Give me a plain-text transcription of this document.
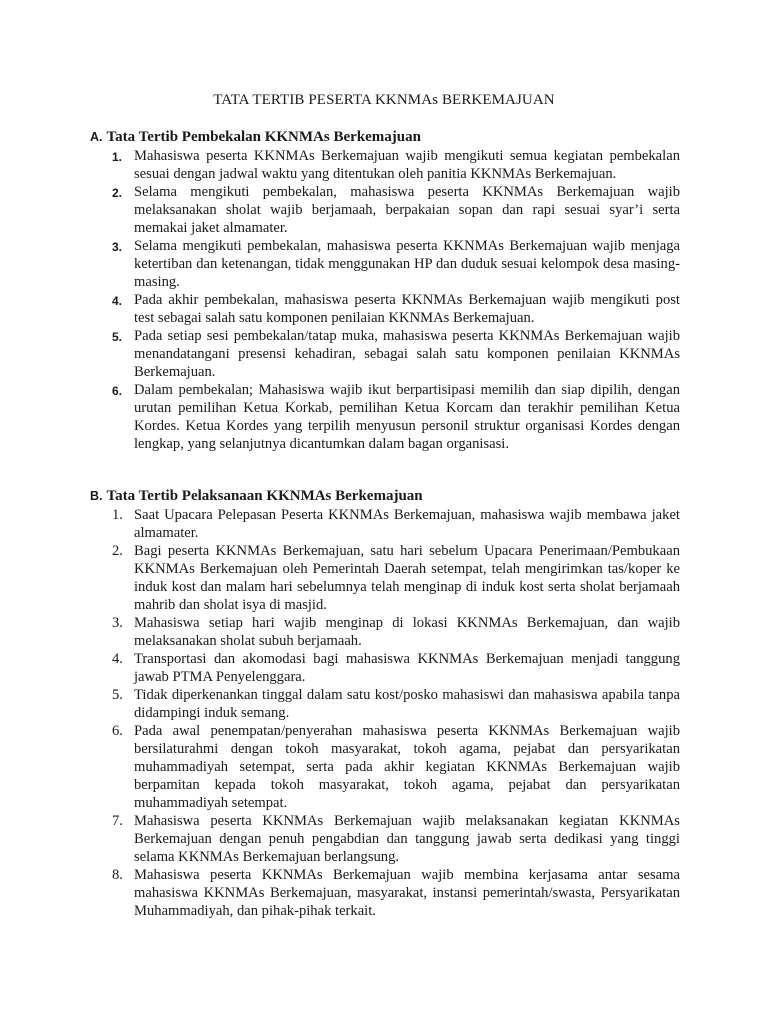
TATA TERTIB PESERTA KKNMAs BERKEMAJUAN
A. Tata Tertib Pembekalan KKNMAs Berkemajuan
1. Mahasiswa peserta KKNMAs Berkemajuan wajib mengikuti semua kegiatan pembekalan sesuai dengan jadwal waktu yang ditentukan oleh panitia KKNMAs Berkemajuan.
2. Selama mengikuti pembekalan, mahasiswa peserta KKNMAs Berkemajuan wajib melaksanakan sholat wajib berjamaah, berpakaian sopan dan rapi sesuai syar’i serta memakai jaket almamater.
3. Selama mengikuti pembekalan, mahasiswa peserta KKNMAs Berkemajuan wajib menjaga ketertiban dan ketenangan, tidak menggunakan HP dan duduk sesuai kelompok desa masing-masing.
4. Pada akhir pembekalan, mahasiswa peserta KKNMAs Berkemajuan wajib mengikuti post test sebagai salah satu komponen penilaian KKNMAs Berkemajuan.
5. Pada setiap sesi pembekalan/tatap muka, mahasiswa peserta KKNMAs Berkemajuan wajib menandatangani presensi kehadiran, sebagai salah satu komponen penilaian KKNMAs Berkemajuan.
6. Dalam pembekalan; Mahasiswa wajib ikut berpartisipasi memilih dan siap dipilih, dengan urutan pemilihan Ketua Korkab, pemilihan Ketua Korcam dan terakhir pemilihan Ketua Kordes. Ketua Kordes yang terpilih menyusun personil struktur organisasi Kordes dengan lengkap, yang selanjutnya dicantumkan dalam bagan organisasi.
B. Tata Tertib Pelaksanaan KKNMAs Berkemajuan
1. Saat Upacara Pelepasan Peserta KKNMAs Berkemajuan, mahasiswa wajib membawa jaket almamater.
2. Bagi peserta KKNMAs Berkemajuan, satu hari sebelum Upacara Penerimaan/Pembukaan KKNMAs Berkemajuan oleh Pemerintah Daerah setempat, telah mengirimkan tas/koper ke induk kost dan malam hari sebelumnya telah menginap di induk kost serta sholat berjamaah mahrib dan sholat isya di masjid.
3. Mahasiswa setiap hari wajib menginap di lokasi KKNMAs Berkemajuan, dan wajib melaksanakan sholat subuh berjamaah.
4. Transportasi dan akomodasi bagi mahasiswa KKNMAs Berkemajuan menjadi tanggung jawab PTMA Penyelenggara.
5. Tidak diperkenankan tinggal dalam satu kost/posko mahasiswi dan mahasiswa apabila tanpa didampingi induk semang.
6. Pada awal penempatan/penyerahan mahasiswa peserta KKNMAs Berkemajuan wajib bersilaturahmi dengan tokoh masyarakat, tokoh agama, pejabat dan persyarikatan muhammadiyah setempat, serta pada akhir kegiatan KKNMAs Berkemajuan wajib berpamitan kepada tokoh masyarakat, tokoh agama, pejabat dan persyarikatan muhammadiyah setempat.
7. Mahasiswa peserta KKNMAs Berkemajuan wajib melaksanakan kegiatan KKNMAs Berkemajuan dengan penuh pengabdian dan tanggung jawab serta dedikasi yang tinggi selama KKNMAs Berkemajuan berlangsung.
8. Mahasiswa peserta KKNMAs Berkemajuan wajib membina kerjasama antar sesama mahasiswa KKNMAs Berkemajuan, masyarakat, instansi pemerintah/swasta, Persyarikatan Muhammadiyah, dan pihak-pihak terkait.
